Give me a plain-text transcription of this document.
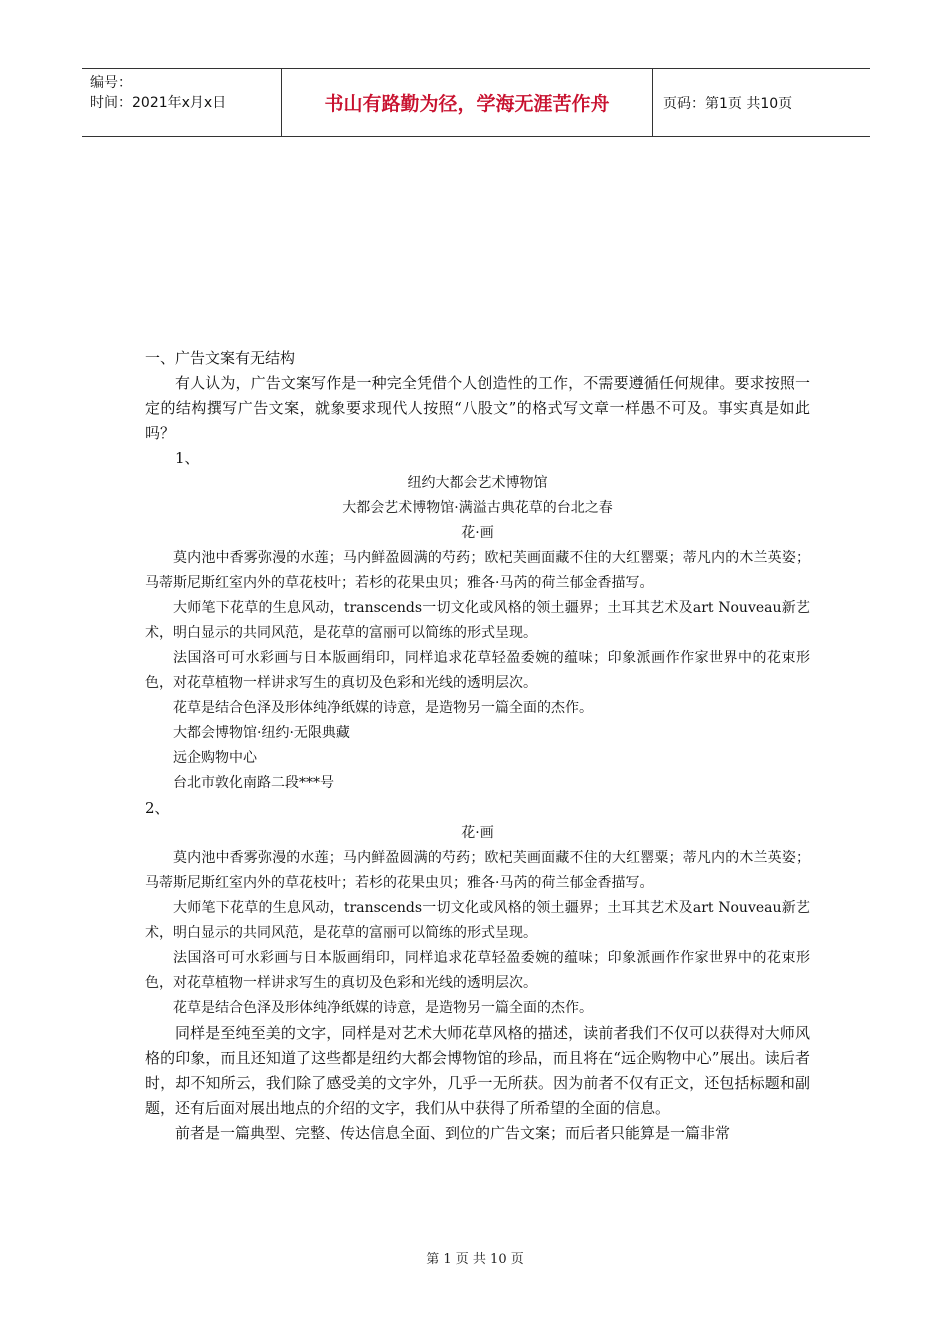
编号：
时间：2021年x月x日	书山有路勤为径，学海无涯苦作舟	页码：第1页 共10页

一、广告文案有无结构

有人认为，广告文案写作是一种完全凭借个人创造性的工作，不需要遵循任何规律。要求按照一定的结构撰写广告文案，就象要求现代人按照“八股文”的格式写文章一样愚不可及。事实真是如此吗？

1、

纽约大都会艺术博物馆

大都会艺术博物馆·满溢古典花草的台北之春

花·画

莫内池中香雾弥漫的水莲；马内鲜盈圆满的芍药；欧杞芙画面藏不住的大红罂粟；蒂凡内的木兰英姿；马蒂斯尼斯红室内外的草花枝叶；若杉的花果虫贝；雅各·马芮的荷兰郁金香描写。

大师笔下花草的生息风动，transcends一切文化或风格的领土疆界；土耳其艺术及art Nouveau新艺术，明白显示的共同风范，是花草的富丽可以简练的形式呈现。

法国洛可可水彩画与日本版画绢印，同样追求花草轻盈委婉的蕴味；印象派画作作家世界中的花束形色，对花草植物一样讲求写生的真切及色彩和光线的透明层次。

花草是结合色泽及形体纯净纸媒的诗意，是造物另一篇全面的杰作。

大都会博物馆·纽约·无限典藏

远企购物中心

台北市敦化南路二段***号

2、

花·画

莫内池中香雾弥漫的水莲；马内鲜盈圆满的芍药；欧杞芙画面藏不住的大红罂粟；蒂凡内的木兰英姿；马蒂斯尼斯红室内外的草花枝叶；若杉的花果虫贝；雅各·马芮的荷兰郁金香描写。

大师笔下花草的生息风动，transcends一切文化或风格的领土疆界；土耳其艺术及art Nouveau新艺术，明白显示的共同风范，是花草的富丽可以简练的形式呈现。

法国洛可可水彩画与日本版画绢印，同样追求花草轻盈委婉的蕴味；印象派画作作家世界中的花束形色，对花草植物一样讲求写生的真切及色彩和光线的透明层次。

花草是结合色泽及形体纯净纸媒的诗意，是造物另一篇全面的杰作。

同样是至纯至美的文字，同样是对艺术大师花草风格的描述，读前者我们不仅可以获得对大师风格的印象，而且还知道了这些都是纽约大都会博物馆的珍品，而且将在“远企购物中心”展出。读后者时，却不知所云，我们除了感受美的文字外，几乎一无所获。因为前者不仅有正文，还包括标题和副题，还有后面对展出地点的介绍的文字，我们从中获得了所希望的全面的信息。

前者是一篇典型、完整、传达信息全面、到位的广告文案；而后者只能算是一篇非常

第 1 页 共 10 页
